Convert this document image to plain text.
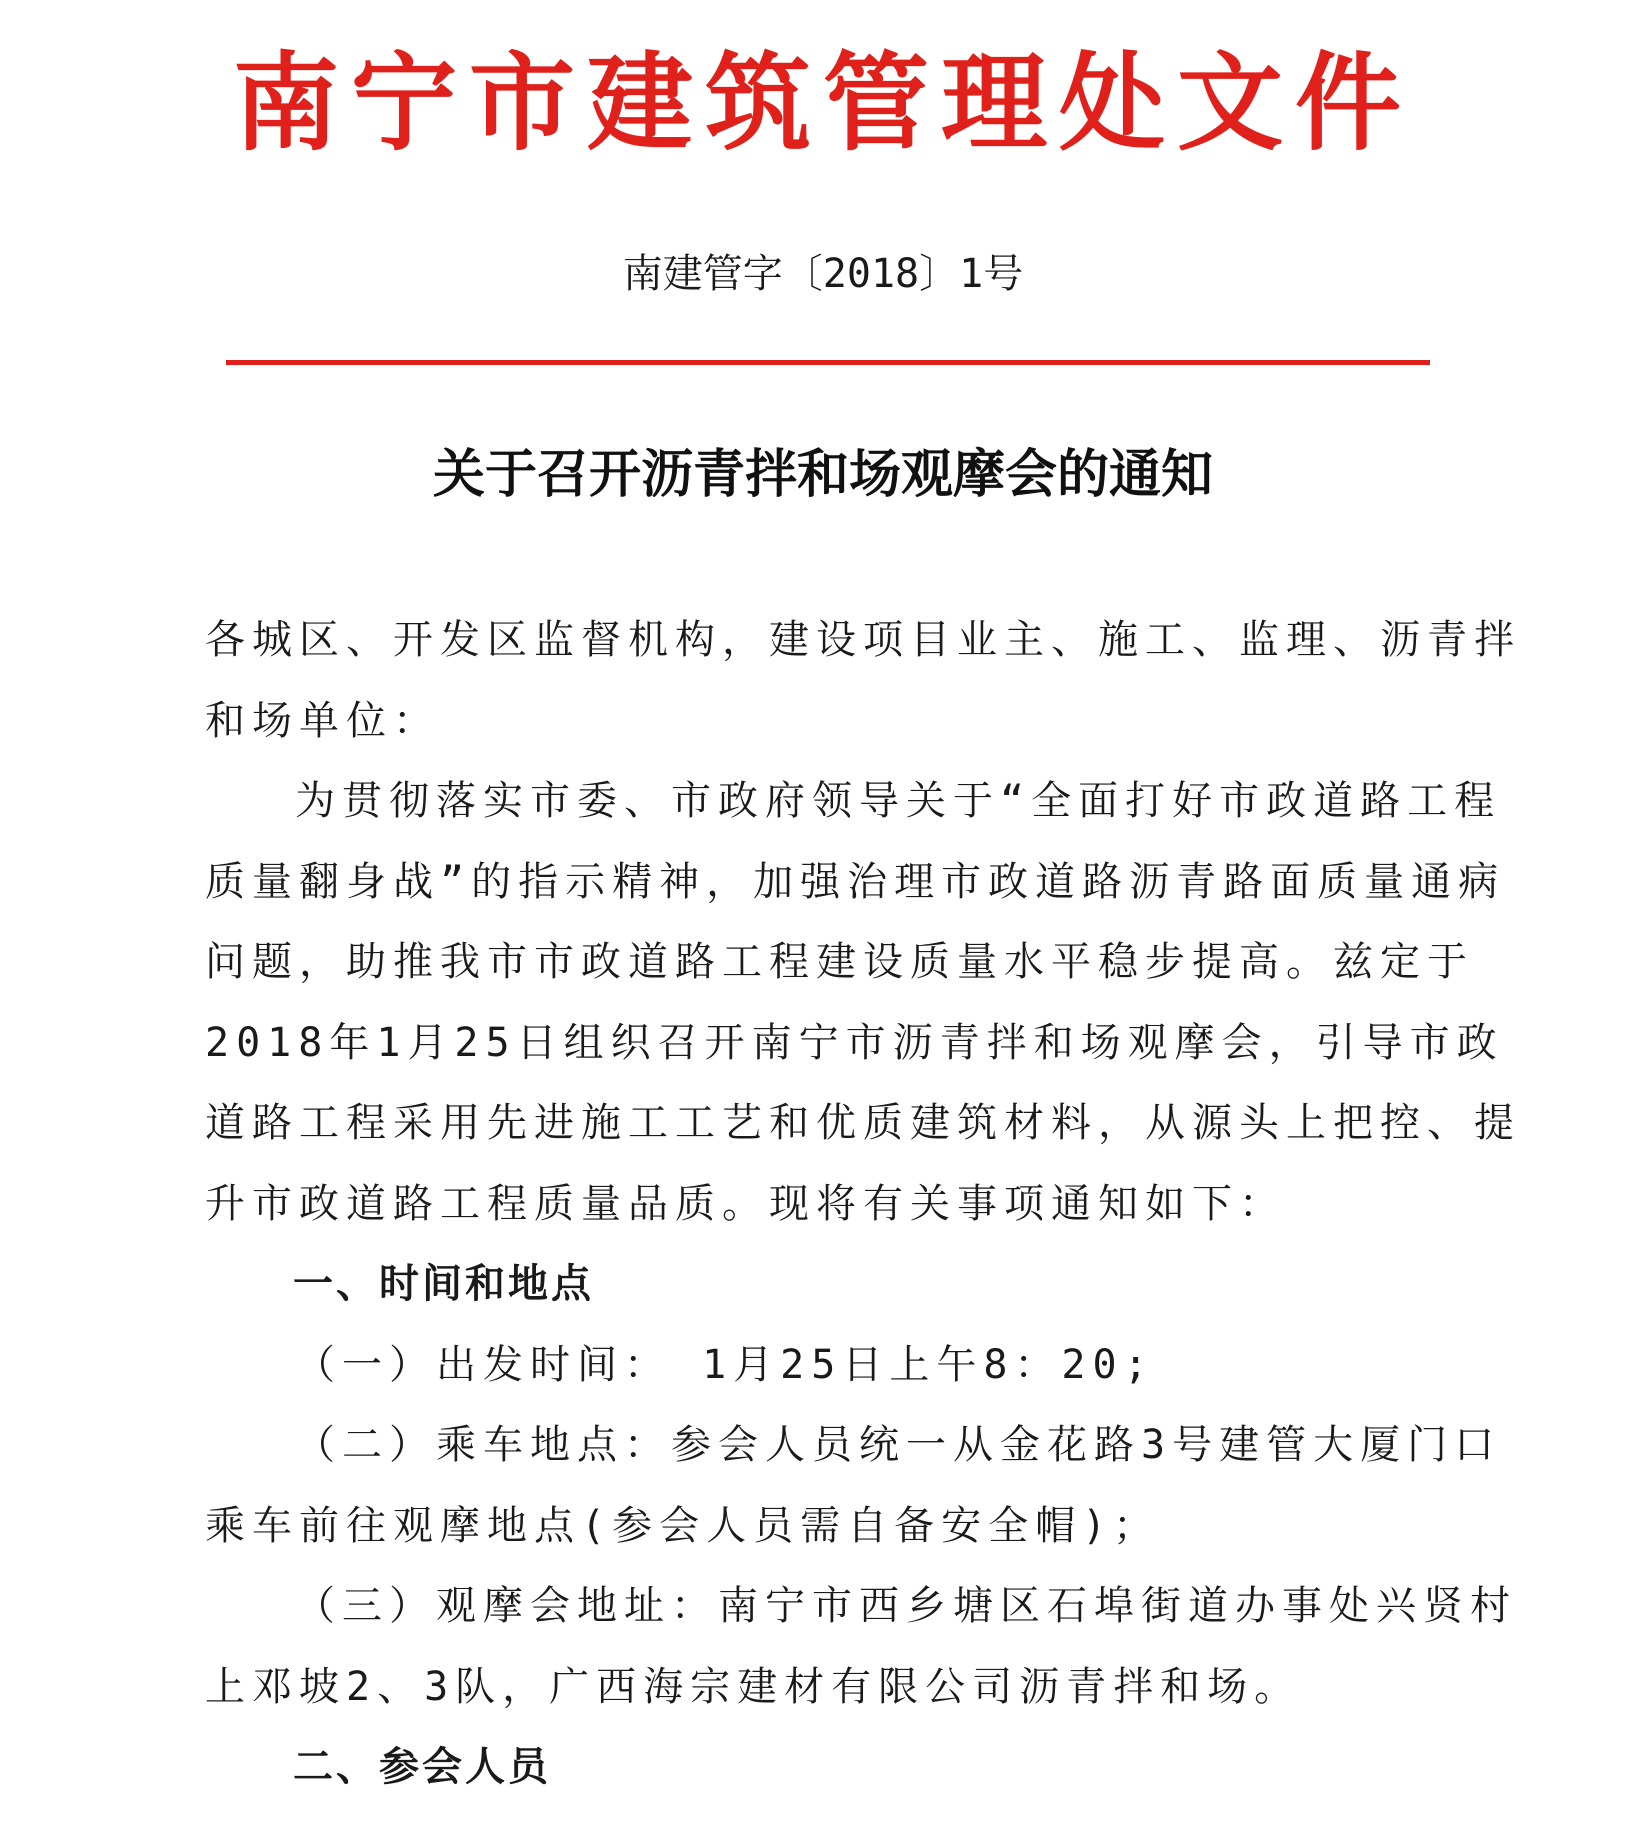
南宁市建筑管理处文件
南建管字〔2018〕1号
关于召开沥青拌和场观摩会的通知
各城区、开发区监督机构，建设项目业主、施工、监理、沥青拌
和场单位：
为贯彻落实市委、市政府领导关于“全面打好市政道路工程
质量翻身战”的指示精神，加强治理市政道路沥青路面质量通病
问题，助推我市市政道路工程建设质量水平稳步提高。兹定于
2018年1月25日组织召开南宁市沥青拌和场观摩会，引导市政
道路工程采用先进施工工艺和优质建筑材料，从源头上把控、提
升市政道路工程质量品质。现将有关事项通知如下：
一、时间和地点
（一）出发时间： 1月25日上午8：20;
（二）乘车地点：参会人员统一从金花路3号建管大厦门口
乘车前往观摩地点(参会人员需自备安全帽)；
（三）观摩会地址：南宁市西乡塘区石埠街道办事处兴贤村
上邓坡2、3队，广西海宗建材有限公司沥青拌和场。
二、参会人员
